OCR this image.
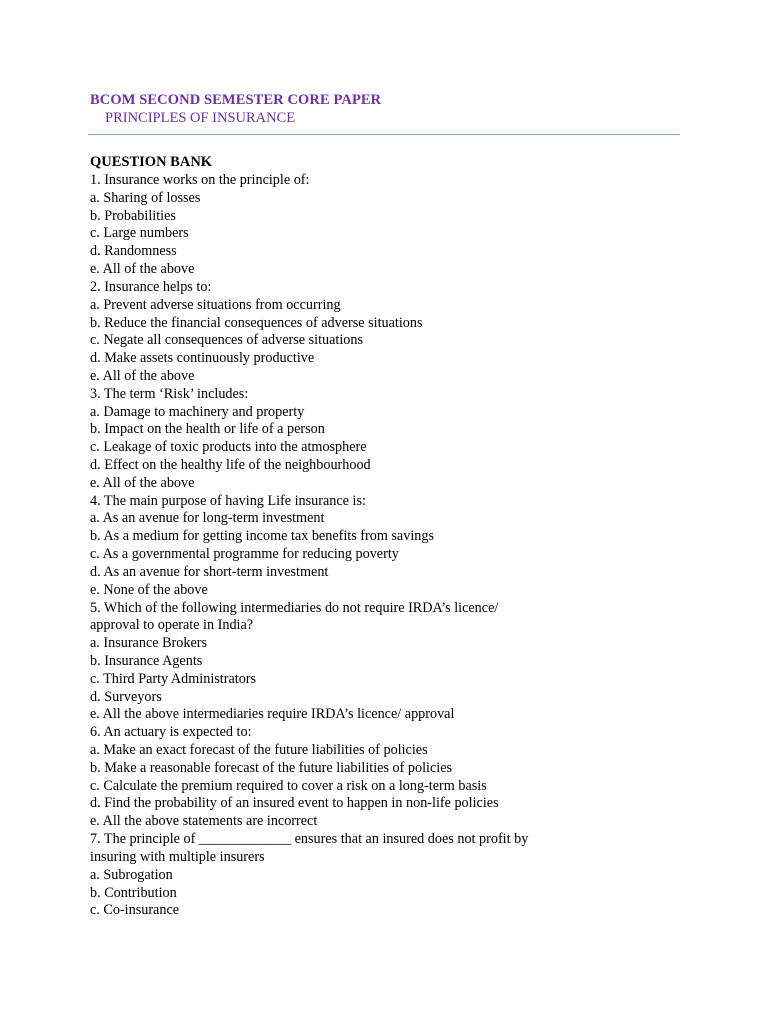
BCOM SECOND SEMESTER CORE PAPER
PRINCIPLES OF INSURANCE
QUESTION BANK
1. Insurance works on the principle of:
a. Sharing of losses
b. Probabilities
c. Large numbers
d. Randomness
e. All of the above
2. Insurance helps to:
a. Prevent adverse situations from occurring
b. Reduce the financial consequences of adverse situations
c. Negate all consequences of adverse situations
d. Make assets continuously productive
e. All of the above
3. The term ‘Risk’ includes:
a. Damage to machinery and property
b. Impact on the health or life of a person
c. Leakage of toxic products into the atmosphere
d. Effect on the healthy life of the neighbourhood
e. All of the above
4. The main purpose of having Life insurance is:
a. As an avenue for long-term investment
b. As a medium for getting income tax benefits from savings
c. As a governmental programme for reducing poverty
d. As an avenue for short-term investment
e. None of the above
5. Which of the following intermediaries do not require IRDA’s licence/
approval to operate in India?
a. Insurance Brokers
b. Insurance Agents
c. Third Party Administrators
d. Surveyors
e. All the above intermediaries require IRDA’s licence/ approval
6. An actuary is expected to:
a. Make an exact forecast of the future liabilities of policies
b. Make a reasonable forecast of the future liabilities of policies
c. Calculate the premium required to cover a risk on a long-term basis
d. Find the probability of an insured event to happen in non-life policies
e. All the above statements are incorrect
7. The principle of _____________ ensures that an insured does not profit by
insuring with multiple insurers
a. Subrogation
b. Contribution
c. Co-insurance
